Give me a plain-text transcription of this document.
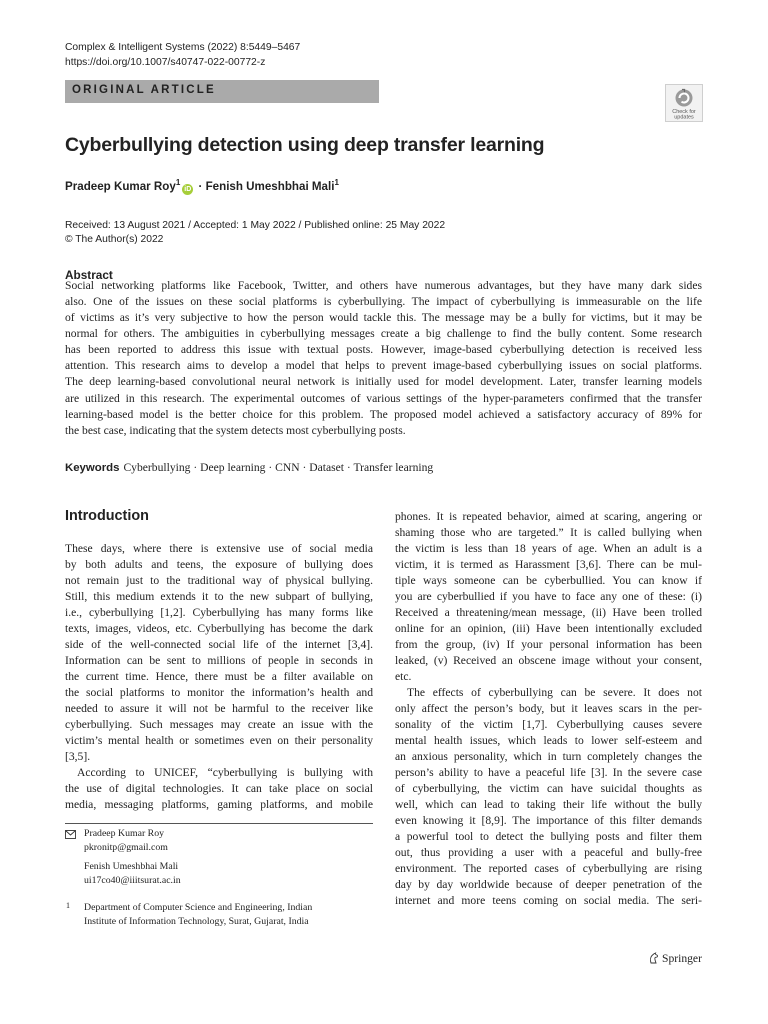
Complex & Intelligent Systems (2022) 8:5449–5467
https://doi.org/10.1007/s40747-022-00772-z
ORIGINAL ARTICLE
Check for
updates
Cyberbullying detection using deep transfer learning
Pradeep Kumar Roy$^1$iD · Fenish Umeshbhai Mali$^1$
Received: 13 August 2021 / Accepted: 1 May 2022 / Published online: 25 May 2022
© The Author(s) 2022
Abstract
Social networking platforms like Facebook, Twitter, and others have numerous advantages, but they have many dark sides
also. One of the issues on these social platforms is cyberbullying. The impact of cyberbullying is immeasurable on the life
of victims as it’s very subjective to how the person would tackle this. The message may be a bully for victims, but it may be
normal for others. The ambiguities in cyberbullying messages create a big challenge to find the bully content. Some research
has been reported to address this issue with textual posts. However, image-based cyberbullying detection is received less
attention. This research aims to develop a model that helps to prevent image-based cyberbullying issues on social platforms.
The deep learning-based convolutional neural network is initially used for model development. Later, transfer learning models
are utilized in this research. The experimental outcomes of various settings of the hyper-parameters confirmed that the transfer
learning-based model is the better choice for this problem. The proposed model achieved a satisfactory accuracy of 89% for
the best case, indicating that the system detects most cyberbullying posts.
Keywords Cyberbullying · Deep learning · CNN · Dataset · Transfer learning
Introduction
These days, where there is extensive use of social media
by both adults and teens, the exposure of bullying does
not remain just to the traditional way of physical bullying.
Still, this medium extends it to the new subpart of bullying,
i.e., cyberbullying [1,2]. Cyberbullying has many forms like
texts, images, videos, etc. Cyberbullying has become the dark
side of the well-connected social life of the internet [3,4].
Information can be sent to millions of people in seconds in
the current time. Hence, there must be a filter available on
the social platforms to monitor the information’s health and
needed to assure it will not be harmful to the receiver like
cyberbullying. Such messages may create an issue with the
victim’s mental health or sometimes even on their personality
[3,5].
According to UNICEF, “cyberbullying is bullying with
the use of digital technologies. It can take place on social
media, messaging platforms, gaming platforms, and mobile
phones. It is repeated behavior, aimed at scaring, angering or
shaming those who are targeted.” It is called bullying when
the victim is less than 18 years of age. When an adult is a
victim, it is termed as Harassment [3,6]. There can be mul-
tiple ways someone can be cyberbullied. You can know if
you are cyberbullied if you have to face any one of these: (i)
Received a threatening/mean message, (ii) Have been trolled
online for an opinion, (iii) Have been intentionally excluded
from the group, (iv) If your personal information has been
leaked, (v) Received an obscene image without your consent,
etc.
The effects of cyberbullying can be severe. It does not
only affect the person’s body, but it leaves scars in the per-
sonality of the victim [1,7]. Cyberbullying causes severe
mental health issues, which leads to lower self-esteem and
an anxious personality, which in turn completely changes the
person’s ability to have a peaceful life [3]. In the severe case
of cyberbullying, the victim can have suicidal thoughts as
well, which can lead to taking their life without the bully
even knowing it [8,9]. The importance of this filter demands
a powerful tool to detect the bullying posts and filter them
out, thus providing a user with a peaceful and bully-free
environment. The reported cases of cyberbullying are rising
day by day worldwide because of deeper penetration of the
internet and more teens coming on social media. The seri-
Pradeep Kumar Roy
pkronitp@gmail.com
Fenish Umeshbhai Mali
ui17co40@iiitsurat.ac.in
1 Department of Computer Science and Engineering, Indian
Institute of Information Technology, Surat, Gujarat, India
Springer
